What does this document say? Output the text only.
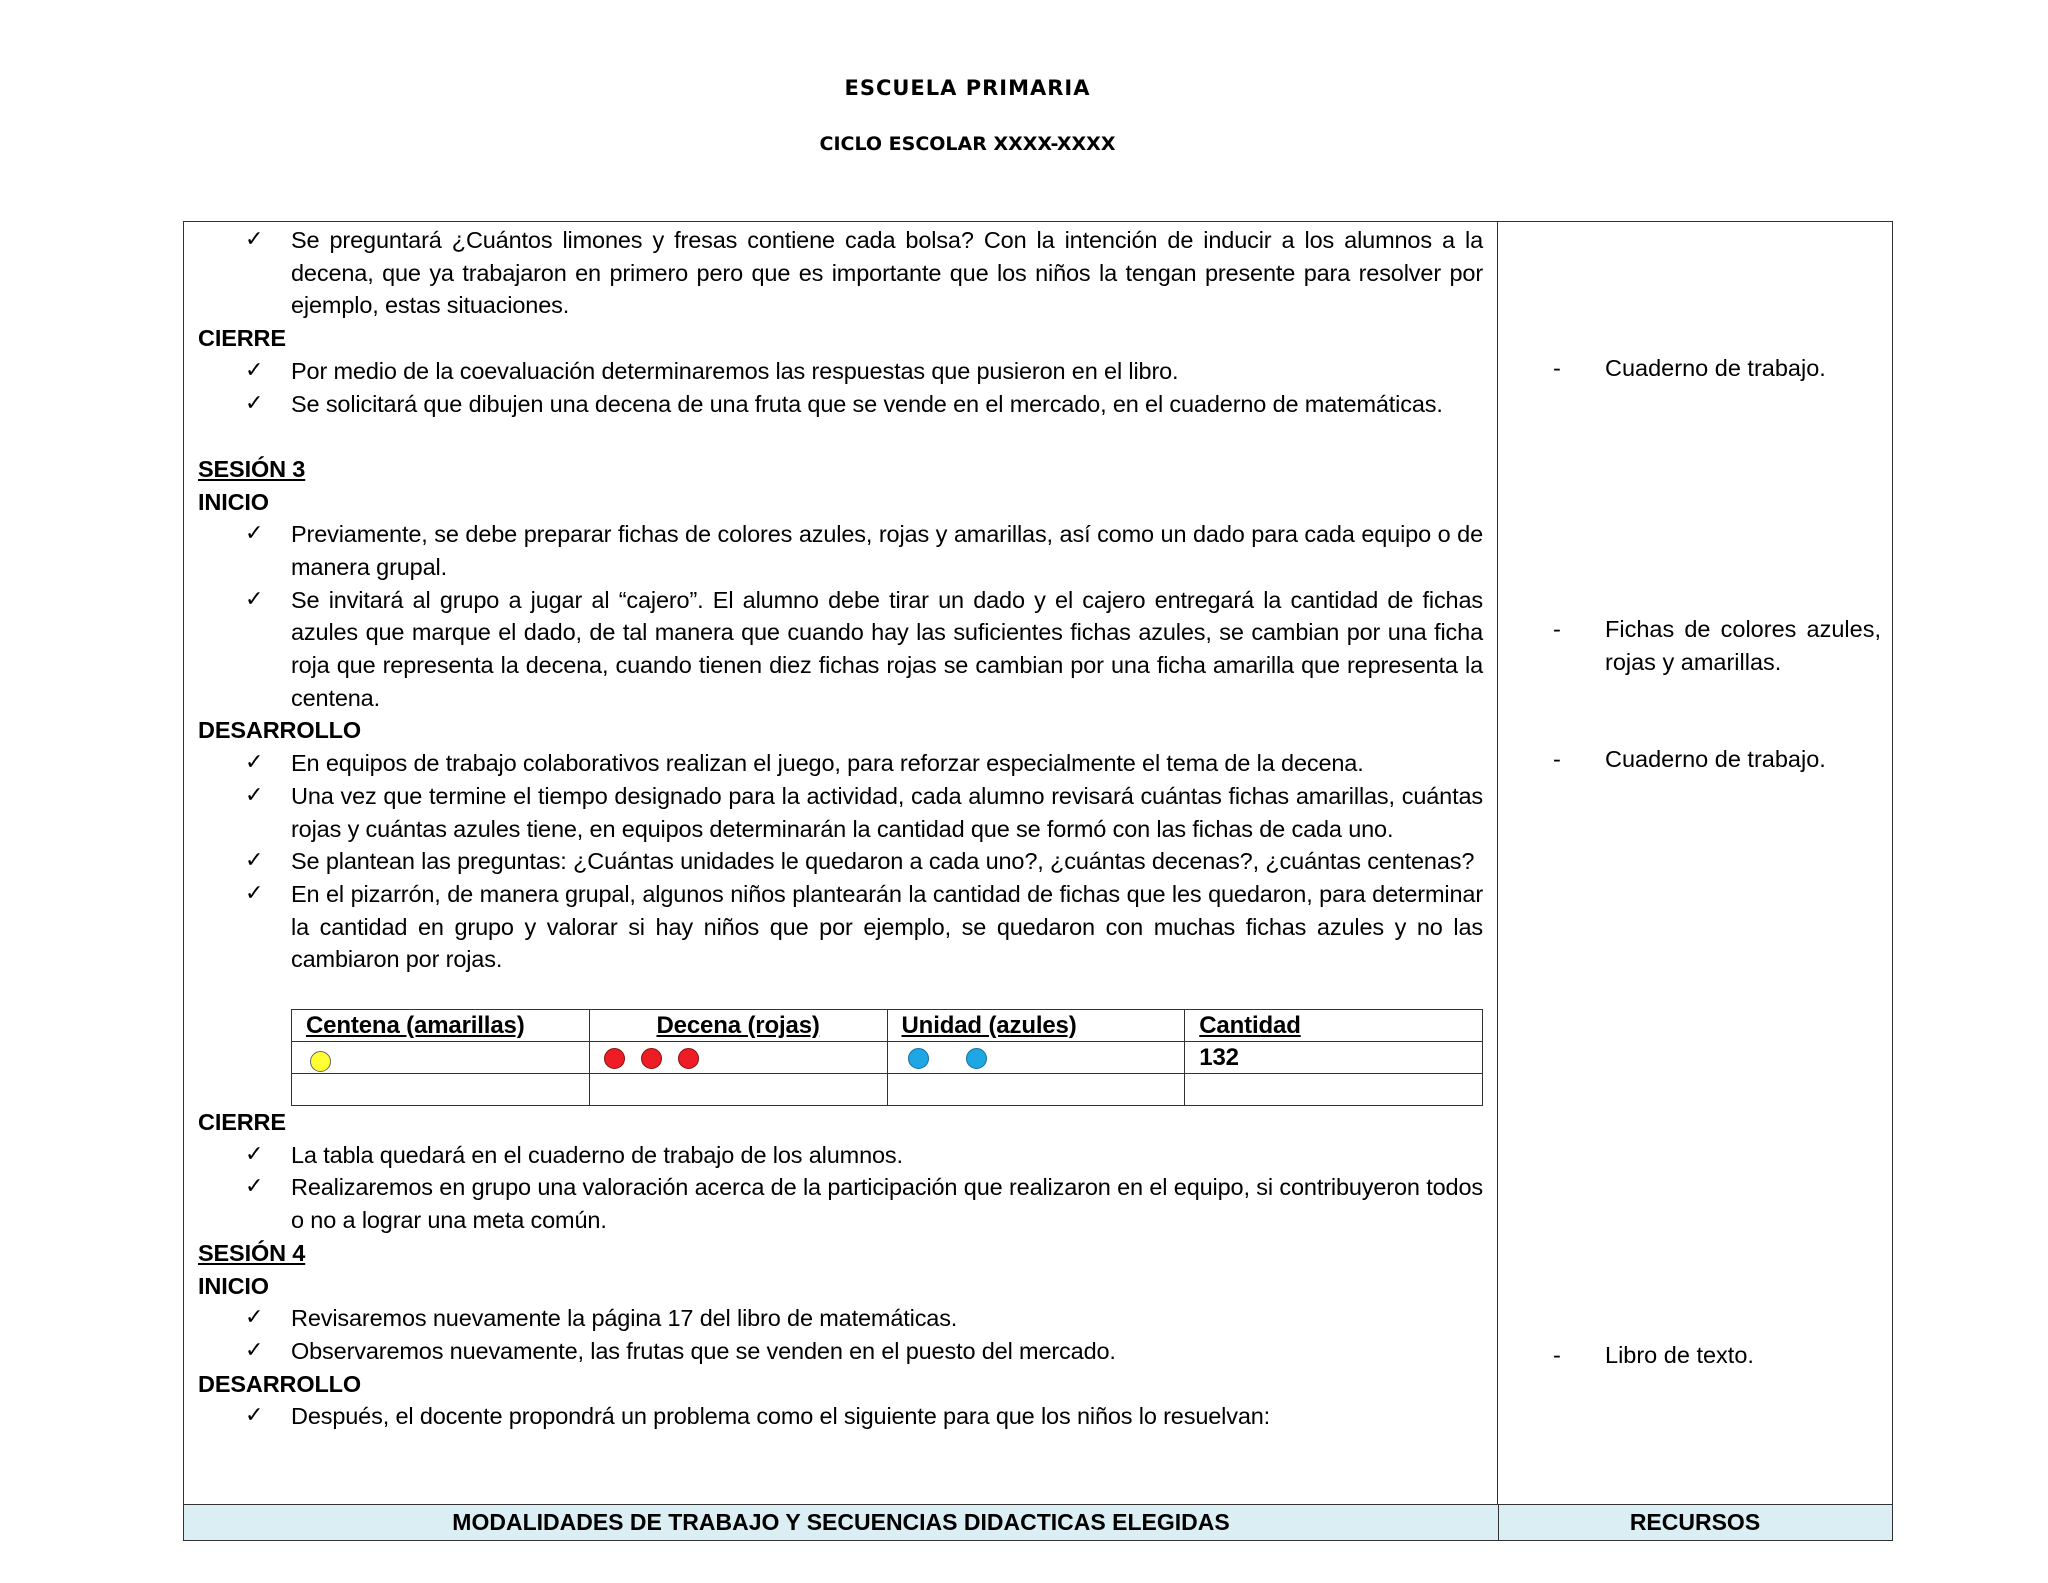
ESCUELA PRIMARIA
CICLO ESCOLAR XXXX-XXXX
✓ Se preguntará ¿Cuántos limones y fresas contiene cada bolsa? Con la intención de inducir a los alumnos a la decena, que ya trabajaron en primero pero que es importante que los niños la tengan presente para resolver por ejemplo, estas situaciones.
CIERRE
✓ Por medio de la coevaluación determinaremos las respuestas que pusieron en el libro.
✓ Se solicitará que dibujen una decena de una fruta que se vende en el mercado, en el cuaderno de matemáticas.
SESIÓN 3
INICIO
✓ Previamente, se debe preparar fichas de colores azules, rojas y amarillas, así como un dado para cada equipo o de manera grupal.
✓ Se invitará al grupo a jugar al “cajero”. El alumno debe tirar un dado y el cajero entregará la cantidad de fichas azules que marque el dado, de tal manera que cuando hay las suficientes fichas azules, se cambian por una ficha roja que representa la decena, cuando tienen diez fichas rojas se cambian por una ficha amarilla que representa la centena.
DESARROLLO
✓ En equipos de trabajo colaborativos realizan el juego, para reforzar especialmente el tema de la decena.
✓ Una vez que termine el tiempo designado para la actividad, cada alumno revisará cuántas fichas amarillas, cuántas rojas y cuántas azules tiene, en equipos determinarán la cantidad que se formó con las fichas de cada uno.
✓ Se plantean las preguntas: ¿Cuántas unidades le quedaron a cada uno?, ¿cuántas decenas?, ¿cuántas centenas?
✓ En el pizarrón, de manera grupal, algunos niños plantearán la cantidad de fichas que les quedaron, para determinar la cantidad en grupo y valorar si hay niños que por ejemplo, se quedaron con muchas fichas azules y no las cambiaron por rojas.
Centena (amarillas)	Decena (rojas)	Unidad (azules)	Cantidad
			132

CIERRE
✓ La tabla quedará en el cuaderno de trabajo de los alumnos.
✓ Realizaremos en grupo una valoración acerca de la participación que realizaron en el equipo, si contribuyeron todos o no a lograr una meta común.
SESIÓN 4
INICIO
✓ Revisaremos nuevamente la página 17 del libro de matemáticas.
✓ Observaremos nuevamente, las frutas que se venden en el puesto del mercado.
DESARROLLO
✓ Después, el docente propondrá un problema como el siguiente para que los niños lo resuelvan:
- Cuaderno de trabajo.
- Fichas de colores azules, rojas y amarillas.
- Cuaderno de trabajo.
- Libro de texto.
MODALIDADES DE TRABAJO Y SECUENCIAS DIDACTICAS ELEGIDAS	RECURSOS
